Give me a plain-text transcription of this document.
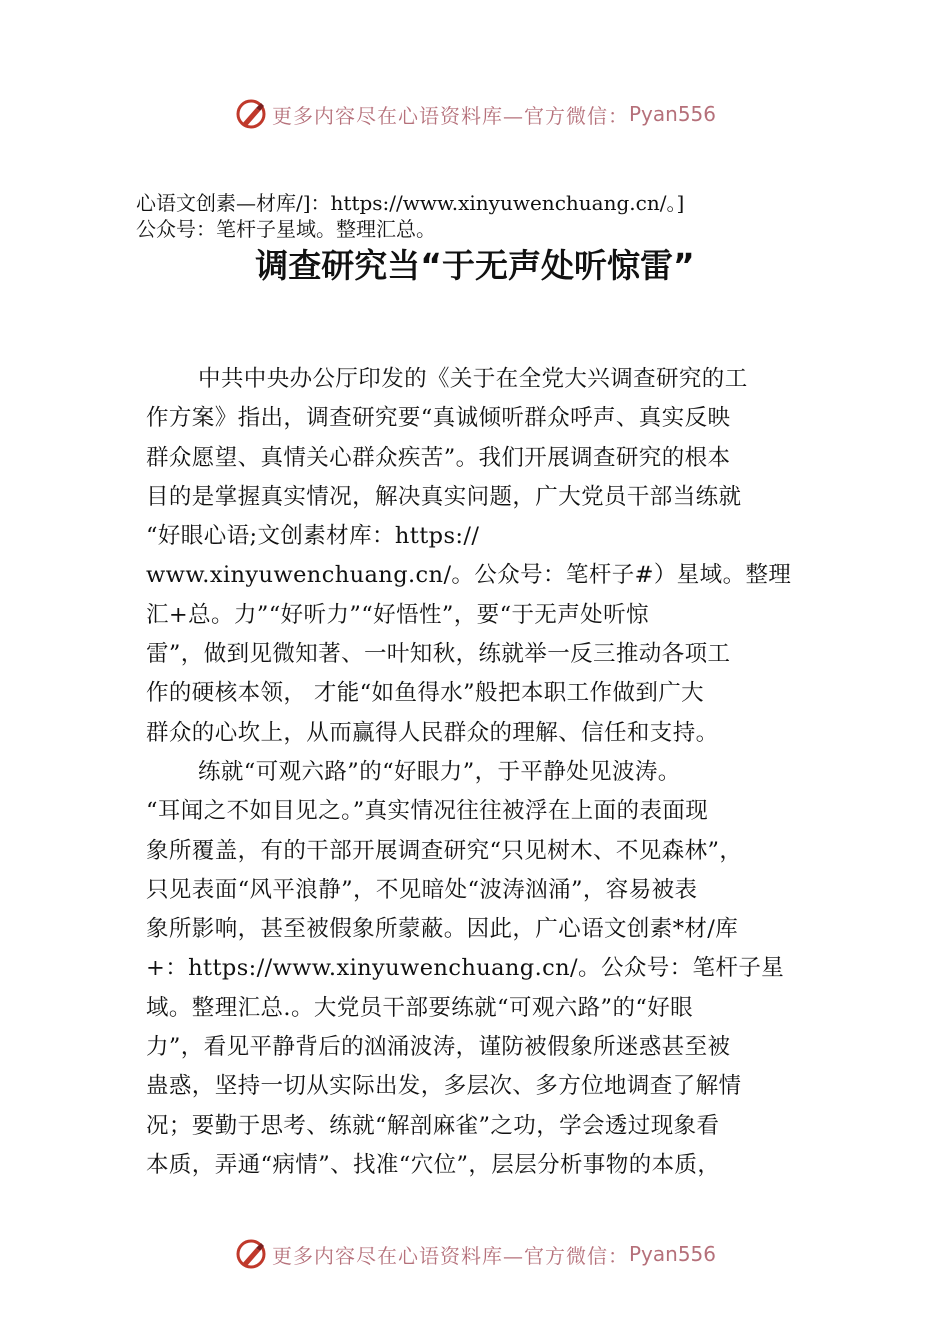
更多内容尽在心语资料库—官方微信： Pyan556
心语文创素—材库/]：https://www.xinyuwenchuang.cn/。]
公众号：笔杆子星域。整理汇总。
调查研究当“于无声处听惊雷”
中共中央办公厅印发的《关于在全党大兴调查研究的工
作方案》指出，调查研究要“真诚倾听群众呼声、真实反映
群众愿望、真情关心群众疾苦”。我们开展调查研究的根本
目的是掌握真实情况，解决真实问题，广大党员干部当练就
“好眼心语;文创素材库：https://
www.xinyuwenchuang.cn/。公众号：笔杆子#）星域。整理
汇+总。力”“好听力”“好悟性”，要“于无声处听惊
雷”，做到见微知著、一叶知秋，练就举一反三推动各项工
作的硬核本领， 才能“如鱼得水”般把本职工作做到广大
群众的心坎上，从而赢得人民群众的理解、信任和支持。
练就“可观六路”的“好眼力”，于平静处见波涛。
“耳闻之不如目见之。”真实情况往往被浮在上面的表面现
象所覆盖，有的干部开展调查研究“只见树木、不见森林”，
只见表面“风平浪静”，不见暗处“波涛汹涌”，容易被表
象所影响，甚至被假象所蒙蔽。因此，广心语文创素*材/库
+：https://www.xinyuwenchuang.cn/。公众号：笔杆子星
域。整理汇总.。大党员干部要练就“可观六路”的“好眼
力”，看见平静背后的汹涌波涛，谨防被假象所迷惑甚至被
蛊惑，坚持一切从实际出发，多层次、多方位地调查了解情
况；要勤于思考、练就“解剖麻雀”之功，学会透过现象看
本质，弄通“病情”、找准“穴位”，层层分析事物的本质，
更多内容尽在心语资料库—官方微信： Pyan556
